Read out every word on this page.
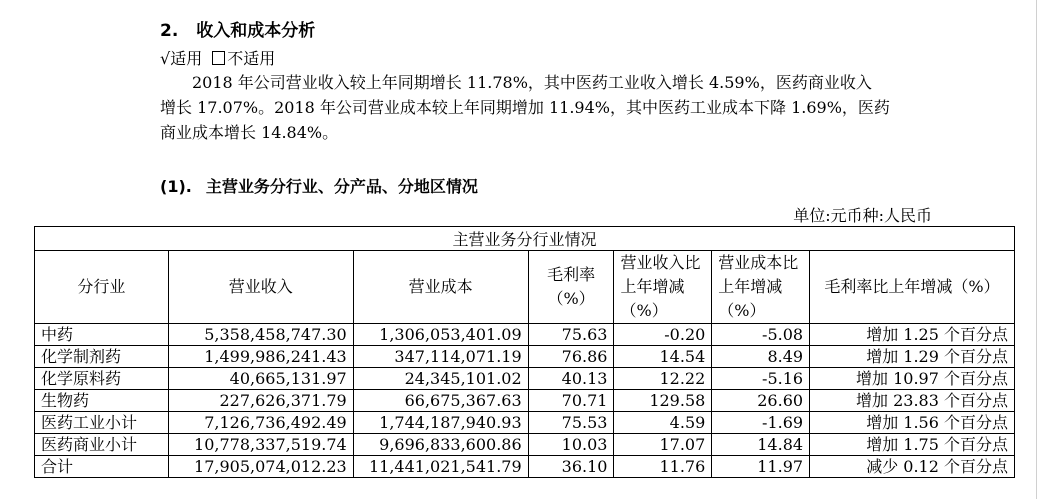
2. 收入和成本分析
√适用 不适用
2018 年公司营业收入较上年同期增长 11.78%，其中医药工业收入增长 4.59%，医药商业收入
增长 17.07%。2018 年公司营业成本较上年同期增加 11.94%，其中医药工业成本下降 1.69%，医药
商业成本增长 14.84%。
(1). 主营业务分行业、分产品、分地区情况
单位:元币种:人民币
主营业务分行业情况						
分行业	营业收入	营业成本	毛利率（%）	营业收入比上年增减（%）	营业成本比上年增减（%）	毛利率比上年增减（%）
中药	5,358,458,747.30	1,306,053,401.09	75.63	-0.20	-5.08	增加 1.25 个百分点
化学制剂药	1,499,986,241.43	347,114,071.19	76.86	14.54	8.49	增加 1.29 个百分点
化学原料药	40,665,131.97	24,345,101.02	40.13	12.22	-5.16	增加 10.97 个百分点
生物药	227,626,371.79	66,675,367.63	70.71	129.58	26.60	增加 23.83 个百分点
医药工业小计	7,126,736,492.49	1,744,187,940.93	75.53	4.59	-1.69	增加 1.56 个百分点
医药商业小计	10,778,337,519.74	9,696,833,600.86	10.03	17.07	14.84	增加 1.75 个百分点
合计	17,905,074,012.23	11,441,021,541.79	36.10	11.76	11.97	减少 0.12 个百分点
